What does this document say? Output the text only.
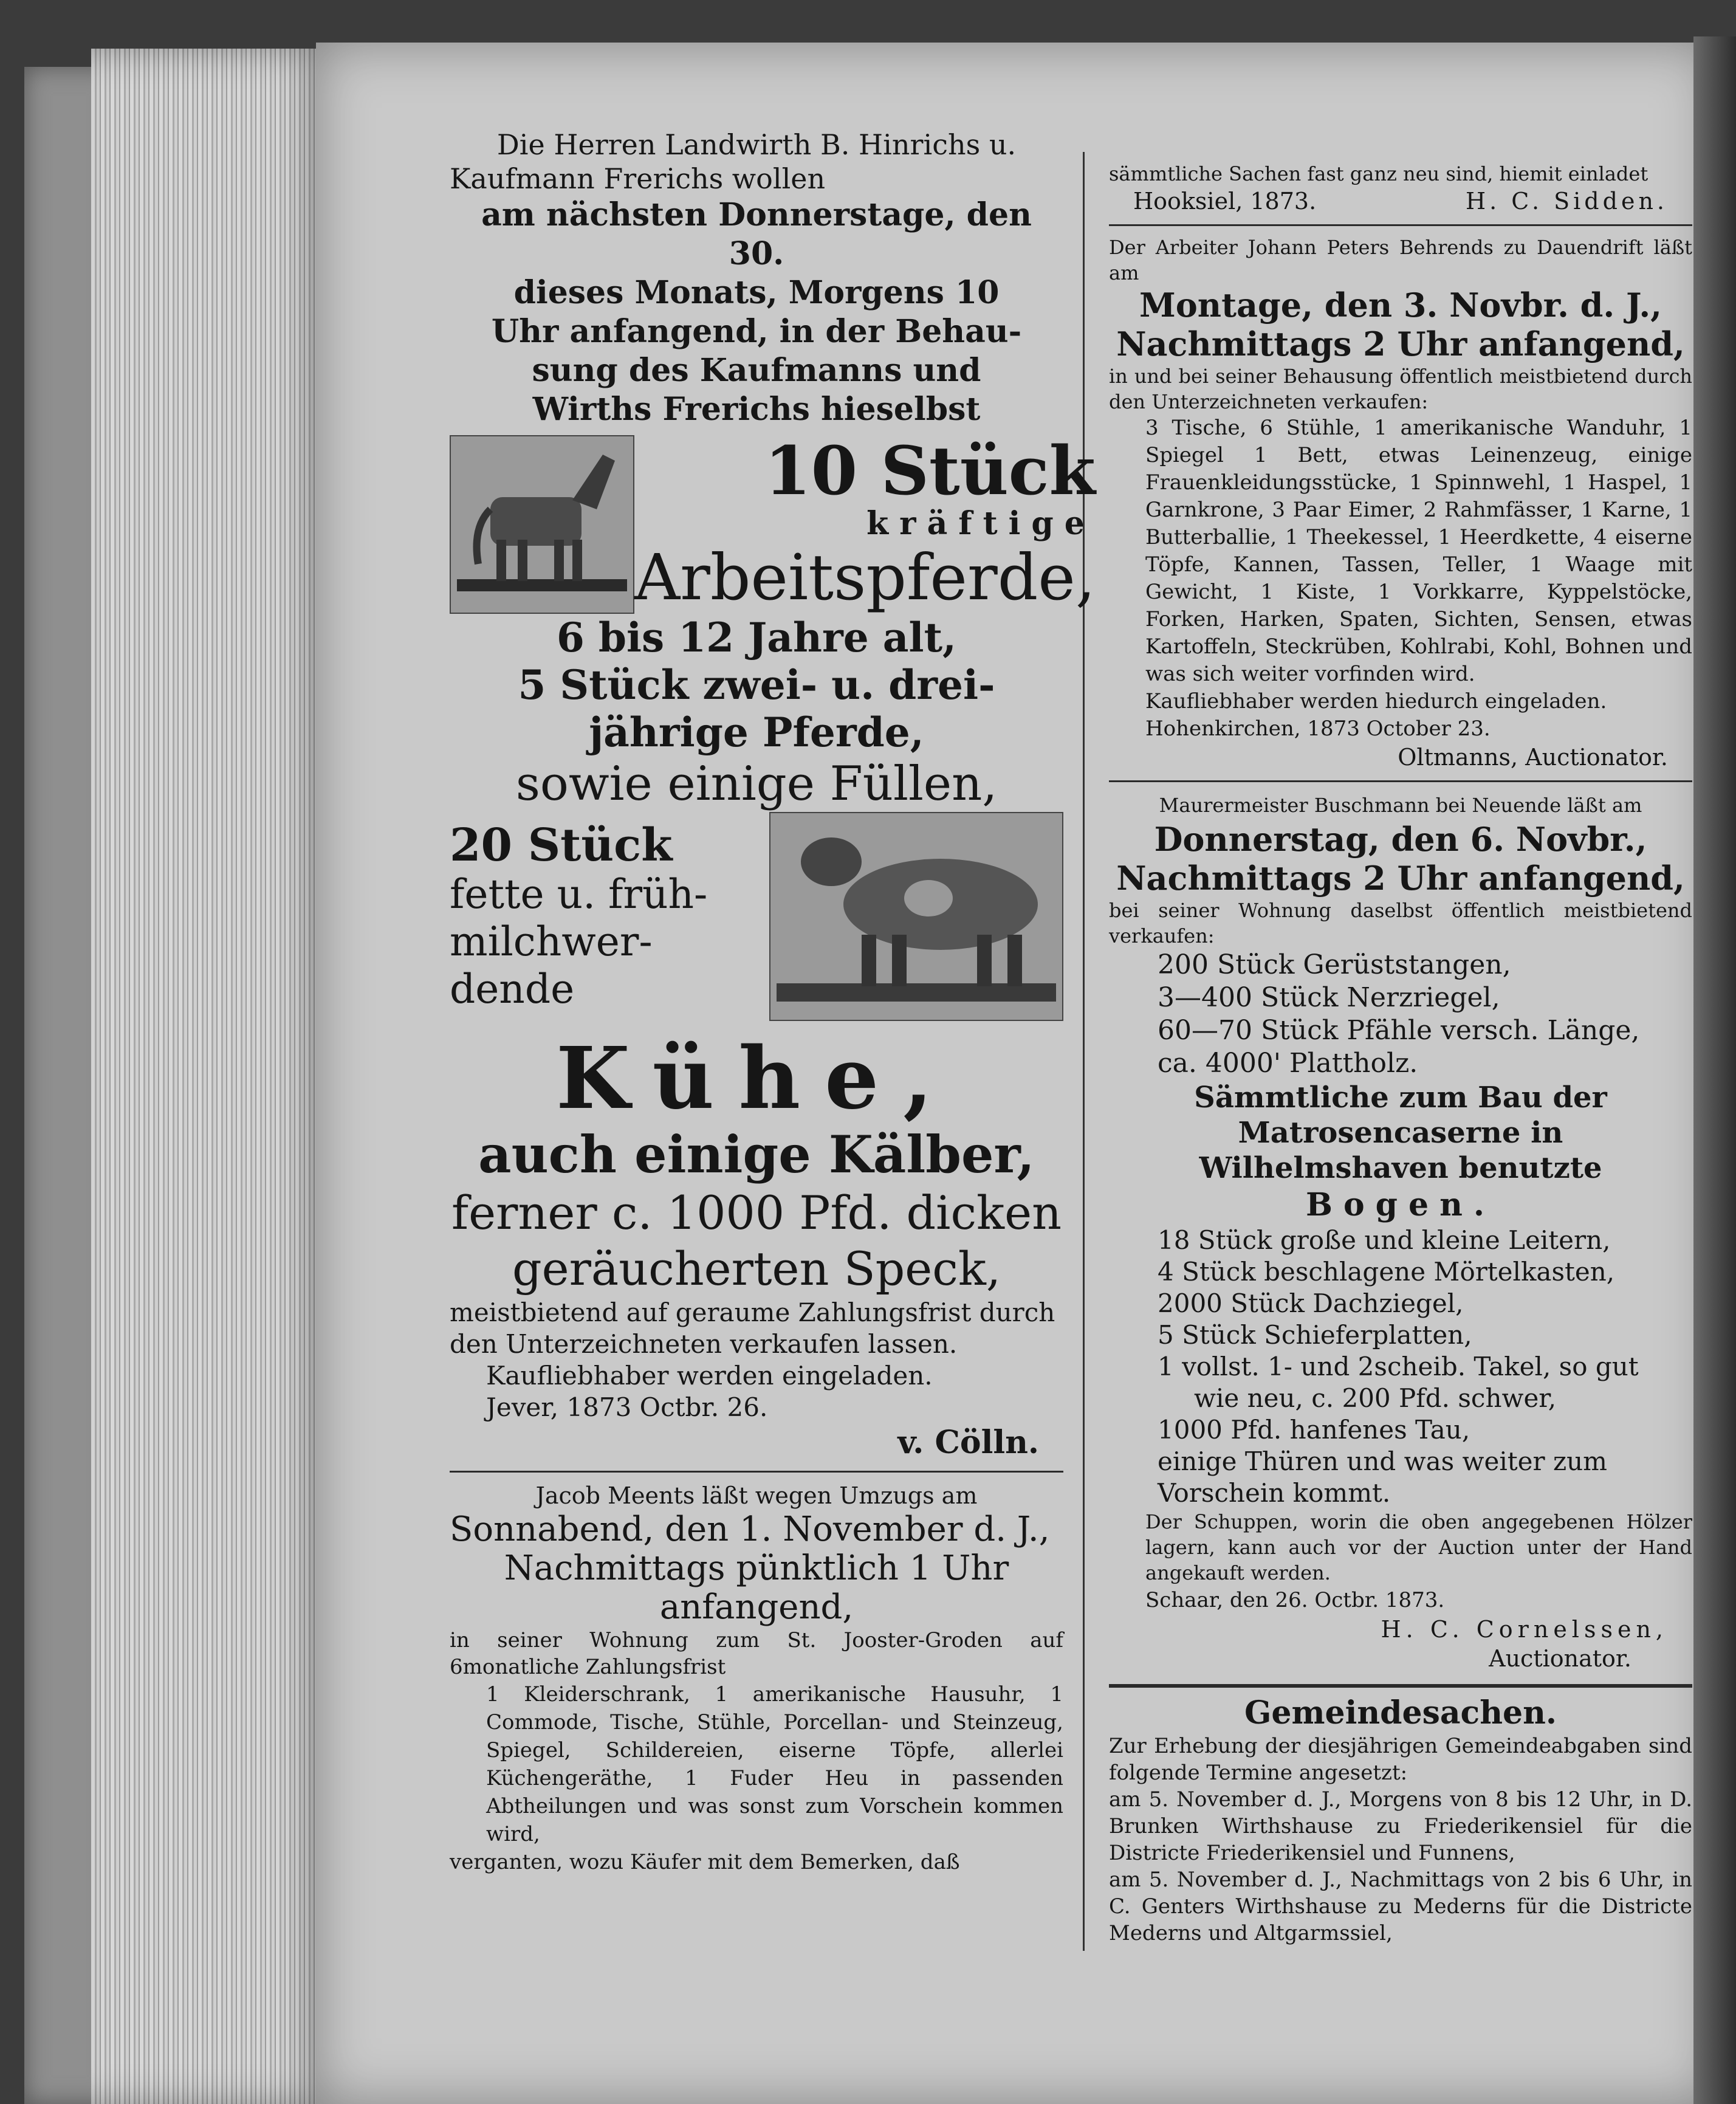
Die Herren Landwirth B. Hinrichs u.

Kaufmann Frerichs wollen

am nächsten Donnerstage, den 30.

dieses Monats, Morgens 10

Uhr anfangend, in der Behau-

sung des Kaufmanns und

Wirths Frerichs hieselbst

10 Stück

kräftige

Arbeitspferde,

6 bis 12 Jahre alt,

5 Stück zwei- u. drei-

jährige Pferde,

sowie einige Füllen,

20 Stück

fette u. früh-

milchwer-

dende

Kühe,

auch einige Kälber,

ferner c. 1000 Pfd. dicken

geräucherten Speck,

meistbietend auf geraume Zahlungsfrist durch

den Unterzeichneten verkaufen lassen.

Kaufliebhaber werden eingeladen.

Jever, 1873 Octbr. 26.

v. Cölln.

Jacob Meents läßt wegen Umzugs am

Sonnabend, den 1. November d. J.,

Nachmittags pünktlich 1 Uhr

anfangend,

in seiner Wohnung zum St. Jooster-Groden auf 6monatliche Zahlungsfrist

1 Kleiderschrank, 1 amerikanische Hausuhr, 1 Commode, Tische, Stühle, Porcellan- und Steinzeug, Spiegel, Schildereien, eiserne Töpfe, allerlei Küchengeräthe, 1 Fuder Heu in passenden Abtheilungen und was sonst zum Vorschein kommen wird,

verganten, wozu Käufer mit dem Bemerken, daß

sämmtliche Sachen fast ganz neu sind, hiemit einladet

Hooksiel, 1873.	H. C. Sidden.

Der Arbeiter Johann Peters Behrends zu Dauendrift läßt am

Montage, den 3. Novbr. d. J.,

Nachmittags 2 Uhr anfangend,

in und bei seiner Behausung öffentlich meistbietend durch den Unterzeichneten verkaufen:

3 Tische, 6 Stühle, 1 amerikanische Wanduhr, 1 Spiegel 1 Bett, etwas Leinenzeug, einige Frauenkleidungsstücke, 1 Spinnwehl, 1 Haspel, 1 Garnkrone, 3 Paar Eimer, 2 Rahmfässer, 1 Karne, 1 Butterballie, 1 Theekessel, 1 Heerdkette, 4 eiserne Töpfe, Kannen, Tassen, Teller, 1 Waage mit Gewicht, 1 Kiste, 1 Vorkkarre, Kyppelstöcke, Forken, Harken, Spaten, Sichten, Sensen, etwas Kartoffeln, Steckrüben, Kohlrabi, Kohl, Bohnen und was sich weiter vorfinden wird.

Kaufliebhaber werden hiedurch eingeladen.

Hohenkirchen, 1873 October 23.

Oltmanns, Auctionator.

Maurermeister Buschmann bei Neuende läßt am

Donnerstag, den 6. Novbr.,

Nachmittags 2 Uhr anfangend,

bei seiner Wohnung daselbst öffentlich meistbietend verkaufen:

200 Stück Gerüststangen,

3—400 Stück Nerzriegel,

60—70 Stück Pfähle versch. Länge,

ca. 4000' Plattholz.

Sämmtliche zum Bau der Matrosencaserne in Wilhelmshaven benutzte

Bogen.

18 Stück große und kleine Leitern,

4 Stück beschlagene Mörtelkasten,

2000 Stück Dachziegel,

5 Stück Schieferplatten,

1 vollst. 1- und 2scheib. Takel, so gut

wie neu, c. 200 Pfd. schwer,

1000 Pfd. hanfenes Tau,

einige Thüren und was weiter zum

Vorschein kommt.

Der Schuppen, worin die oben angegebenen Hölzer lagern, kann auch vor der Auction unter der Hand angekauft werden.

Schaar, den 26. Octbr. 1873.

H. C. Cornelssen,

Auctionator.

Gemeindesachen.

Zur Erhebung der diesjährigen Gemeindeabgaben sind folgende Termine angesetzt:

am 5. November d. J., Morgens von 8 bis 12 Uhr, in D. Brunken Wirthshause zu Friederikensiel für die Districte Friederikensiel und Funnens,

am 5. November d. J., Nachmittags von 2 bis 6 Uhr, in C. Genters Wirthshause zu Mederns für die Districte Mederns und Altgarmssiel,
